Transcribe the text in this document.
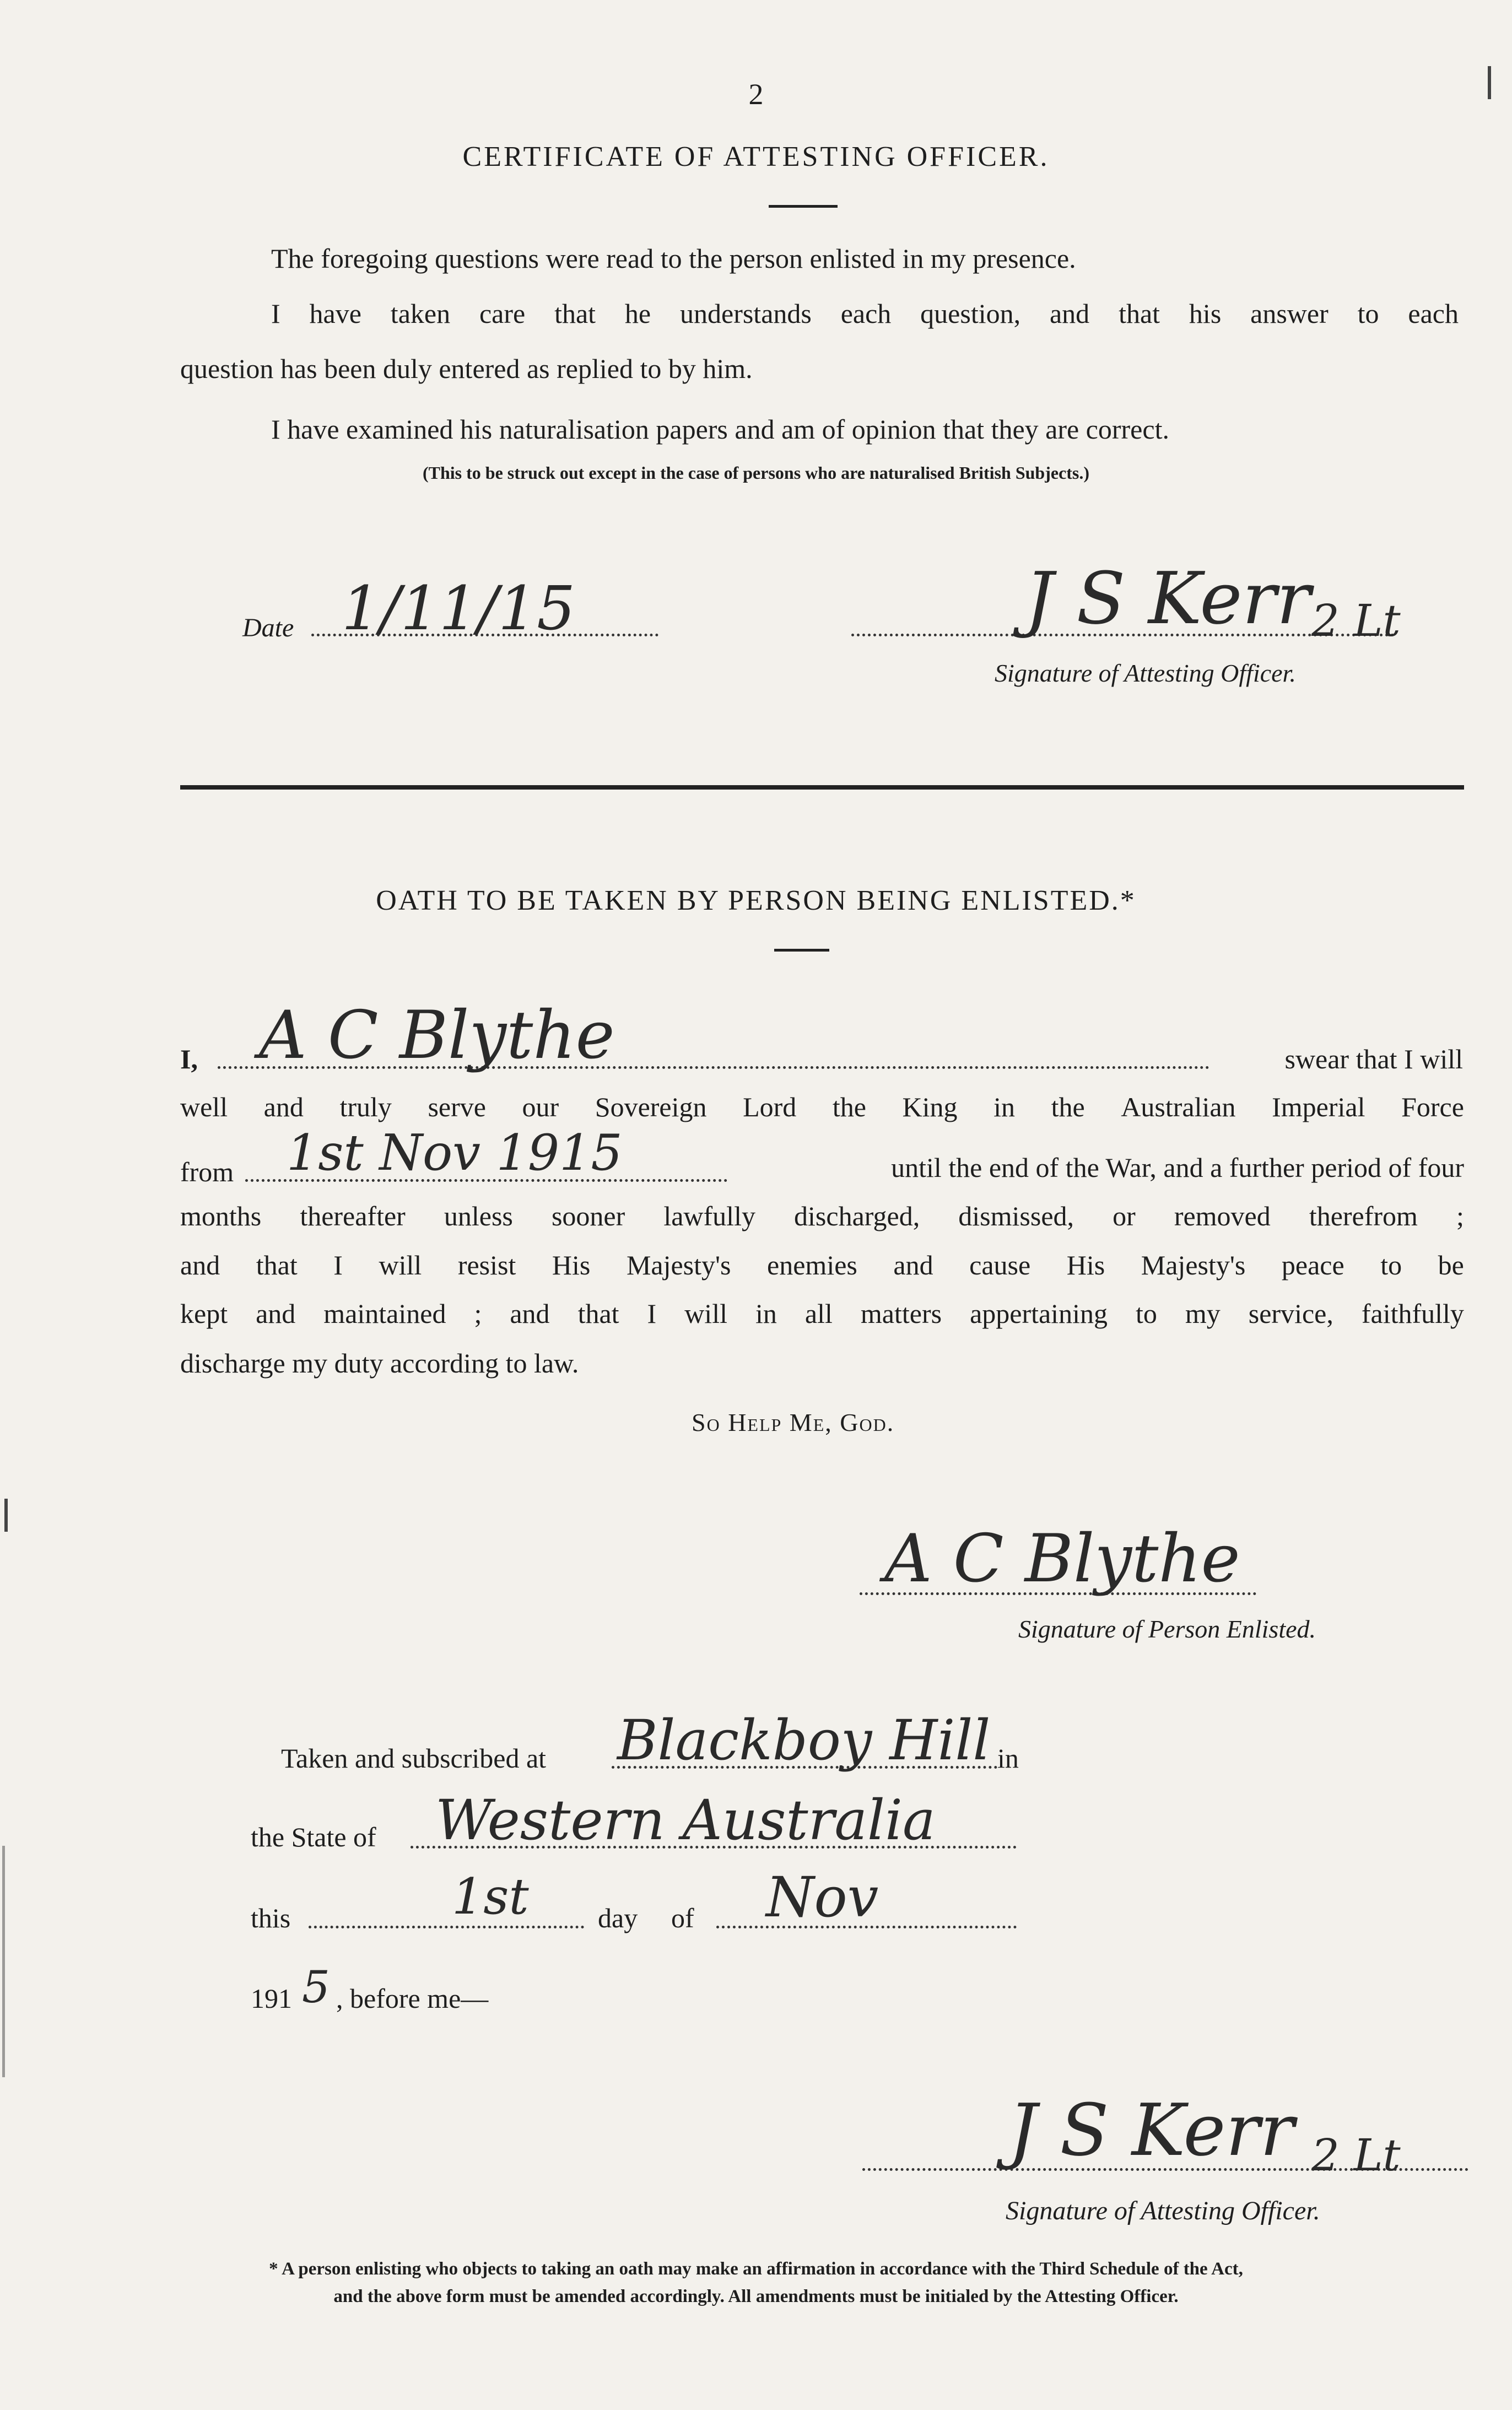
2
CERTIFICATE OF ATTESTING OFFICER.
The foregoing questions were read to the person enlisted in my presence.
I have taken care that he understands each question, and that his answer to each
question has been duly entered as replied to by him.
I have examined his naturalisation papers and am of opinion that they are correct.
(This to be struck out except in the case of persons who are naturalised British Subjects.)
Date 1/11/15	J S Kerr 2 Lt
Signature of Attesting Officer.
OATH TO BE TAKEN BY PERSON BEING ENLISTED.*
I, A C Blythe	swear that I will
well and truly serve our Sovereign Lord the King in the Australian Imperial Force
from 1st Nov 1915	until the end of the War, and a further period of four
months thereafter unless sooner lawfully discharged, dismissed, or removed therefrom ;
and that I will resist His Majesty's enemies and cause His Majesty's peace to be
kept and maintained ; and that I will in all matters appertaining to my service, faithfully
discharge my duty according to law.
So Help Me, God.
A C Blythe
Signature of Person Enlisted.
Taken and subscribed at Blackboy Hill in
the State of Western Australia
this	1st	day of Nov
191 5 , before me—
J S Kerr 2 Lt
Signature of Attesting Officer.
* A person enlisting who objects to taking an oath may make an affirmation in accordance with the Third Schedule of the Act,
and the above form must be amended accordingly. All amendments must be initialed by the Attesting Officer.
